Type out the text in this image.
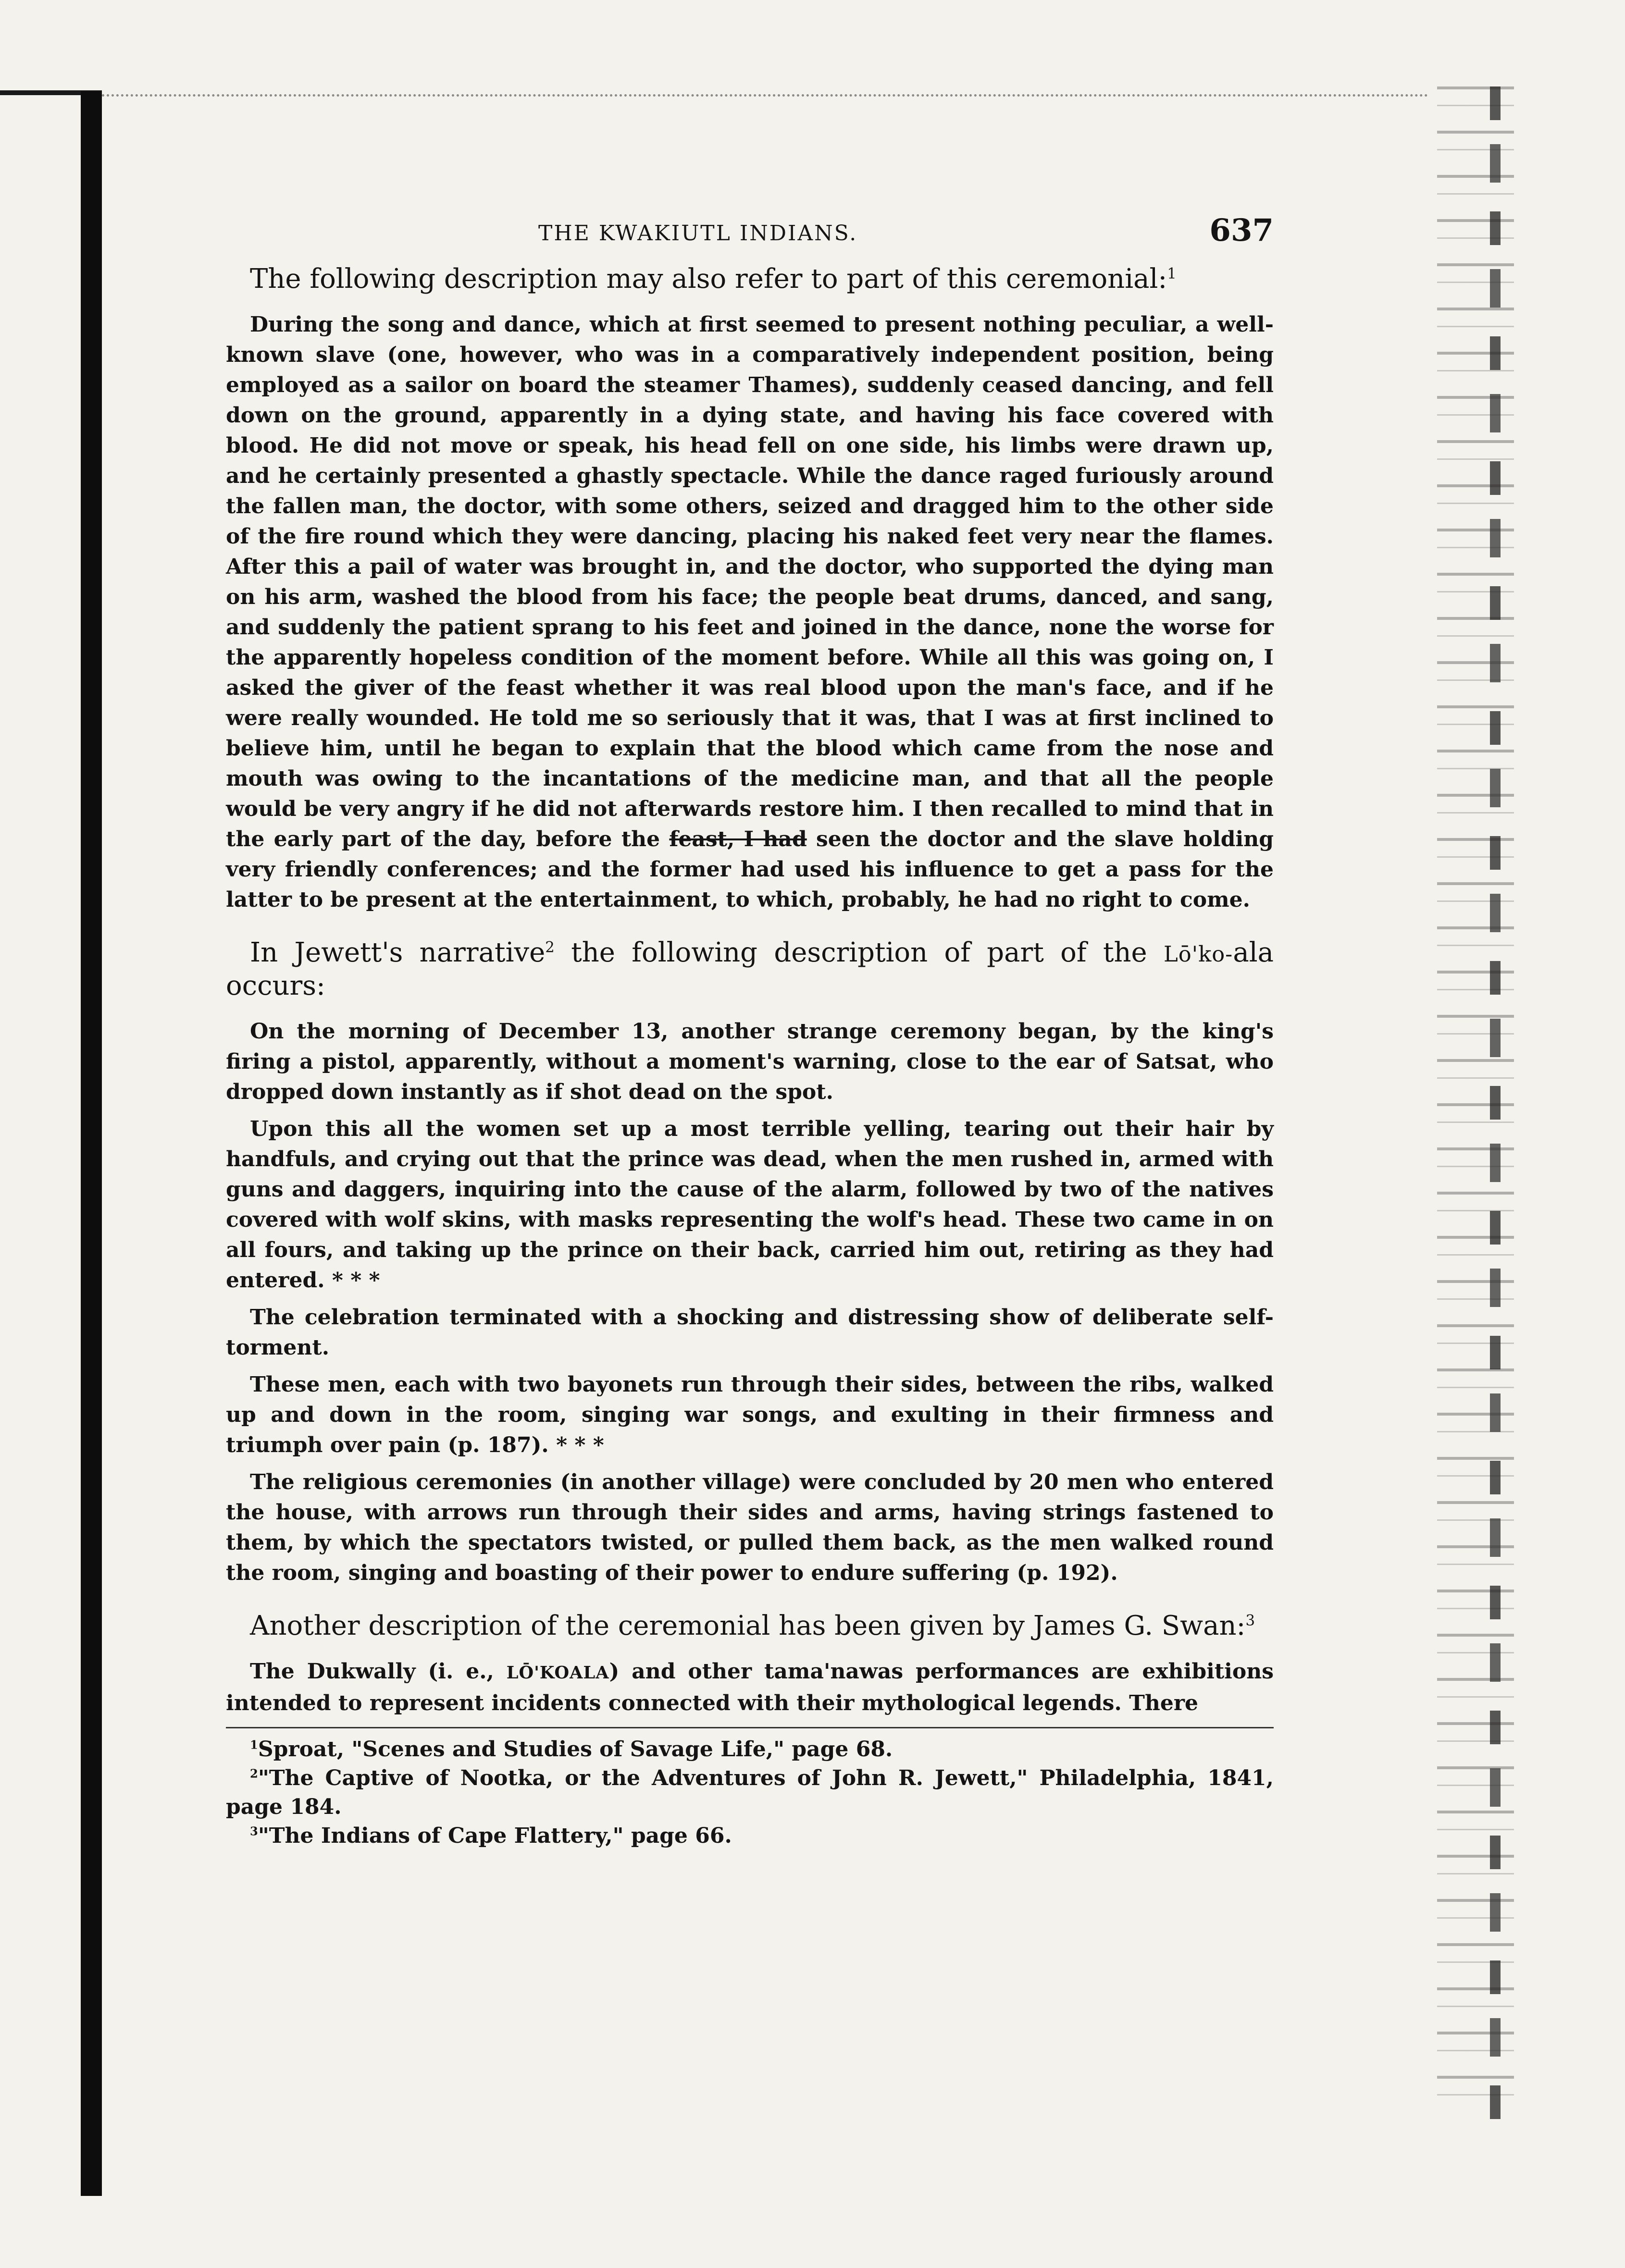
THE KWAKIUTL INDIANS.	637

The following description may also refer to part of this ceremonial:$^1$

During the song and dance, which at first seemed to present nothing peculiar, a well-known slave (one, however, who was in a comparatively independent position, being employed as a sailor on board the steamer Thames), suddenly ceased dancing, and fell down on the ground, apparently in a dying state, and having his face covered with blood. He did not move or speak, his head fell on one side, his limbs were drawn up, and he certainly presented a ghastly spectacle. While the dance raged furiously around the fallen man, the doctor, with some others, seized and dragged him to the other side of the fire round which they were dancing, placing his naked feet very near the flames. After this a pail of water was brought in, and the doctor, who supported the dying man on his arm, washed the blood from his face; the people beat drums, danced, and sang, and suddenly the patient sprang to his feet and joined in the dance, none the worse for the apparently hopeless condition of the moment before. While all this was going on, I asked the giver of the feast whether it was real blood upon the man's face, and if he were really wounded. He told me so seriously that it was, that I was at first inclined to believe him, until he began to explain that the blood which came from the nose and mouth was owing to the incantations of the medicine man, and that all the people would be very angry if he did not afterwards restore him. I then recalled to mind that in the early part of the day, before the feast, I had seen the doctor and the slave holding very friendly conferences; and the former had used his influence to get a pass for the latter to be present at the entertainment, to which, probably, he had no right to come.

In Jewett's narrative$^2$ the following description of part of the Lō'ko-ala occurs:

On the morning of December 13, another strange ceremony began, by the king's firing a pistol, apparently, without a moment's warning, close to the ear of Satsat, who dropped down instantly as if shot dead on the spot.

Upon this all the women set up a most terrible yelling, tearing out their hair by handfuls, and crying out that the prince was dead, when the men rushed in, armed with guns and daggers, inquiring into the cause of the alarm, followed by two of the natives covered with wolf skins, with masks representing the wolf's head. These two came in on all fours, and taking up the prince on their back, carried him out, retiring as they had entered. * * *

The celebration terminated with a shocking and distressing show of deliberate self-torment.

These men, each with two bayonets run through their sides, between the ribs, walked up and down in the room, singing war songs, and exulting in their firmness and triumph over pain (p. 187). * * *

The religious ceremonies (in another village) were concluded by 20 men who entered the house, with arrows run through their sides and arms, having strings fastened to them, by which the spectators twisted, or pulled them back, as the men walked round the room, singing and boasting of their power to endure suffering (p. 192).

Another description of the ceremonial has been given by James G. Swan:$^3$

The Dukwally (i. e., LŌ'KOALA) and other tama'nawas performances are exhibitions intended to represent incidents connected with their mythological legends. There

$^1$Sproat, "Scenes and Studies of Savage Life," page 68.

$^2$"The Captive of Nootka, or the Adventures of John R. Jewett," Philadelphia, 1841, page 184.

$^3$"The Indians of Cape Flattery," page 66.
